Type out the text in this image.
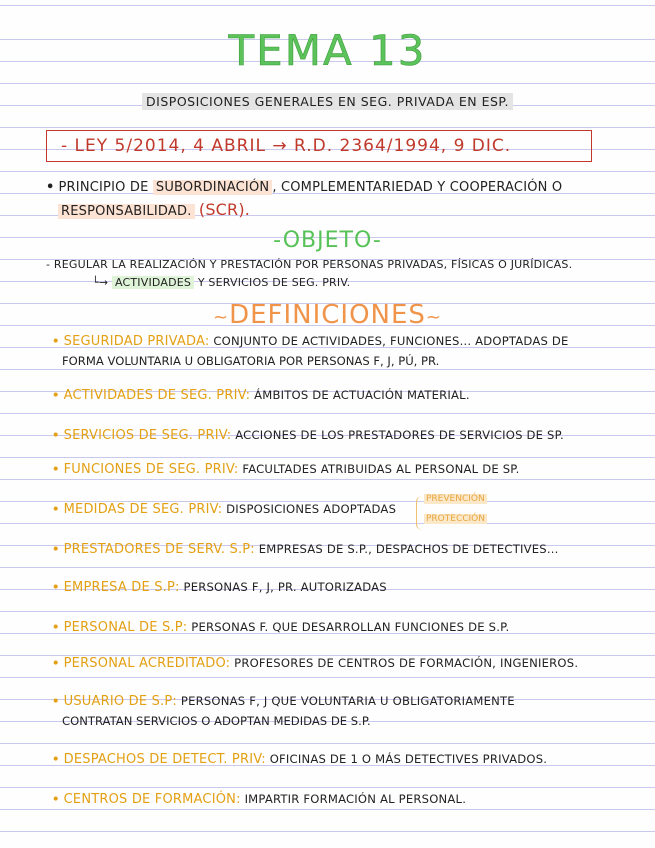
TEMA 13
DISPOSICIONES GENERALES EN SEG. PRIVADA EN ESP.
- LEY 5/2014, 4 ABRIL → R.D. 2364/1994, 9 DIC.
• PRINCIPIO DE SUBORDINACIÓN , COMPLEMENTARIEDAD Y COOPERACIÓN O
RESPONSABILIDAD. (SCR).
-OBJETO-
- REGULAR LA REALIZACIÓN Y PRESTACIÓN POR PERSONAS PRIVADAS, FÍSICAS O JURÍDICAS.
└→ ACTIVIDADES Y SERVICIOS DE SEG. PRIV.
~DEFINICIONES~
• SEGURIDAD PRIVADA: CONJUNTO DE ACTIVIDADES, FUNCIONES... ADOPTADAS DE
FORMA VOLUNTARIA U OBLIGATORIA POR PERSONAS F, J, PÚ, PR.
• ACTIVIDADES DE SEG. PRIV: ÁMBITOS DE ACTUACIÓN MATERIAL.
• SERVICIOS DE SEG. PRIV: ACCIONES DE LOS PRESTADORES DE SERVICIOS DE SP.
• FUNCIONES DE SEG. PRIV: FACULTADES ATRIBUIDAS AL PERSONAL DE SP.
• MEDIDAS DE SEG. PRIV: DISPOSICIONES ADOPTADAS
• PRESTADORES DE SERV. S.P: EMPRESAS DE S.P., DESPACHOS DE DETECTIVES...
• EMPRESA DE S.P: PERSONAS F, J, PR. AUTORIZADAS
• PERSONAL DE S.P: PERSONAS F. QUE DESARROLLAN FUNCIONES DE S.P.
• PERSONAL ACREDITADO: PROFESORES DE CENTROS DE FORMACIÓN, INGENIEROS.
• USUARIO DE S.P: PERSONAS F, J QUE VOLUNTARIA U OBLIGATORIAMENTE
CONTRATAN SERVICIOS O ADOPTAN MEDIDAS DE S.P.
• DESPACHOS DE DETECT. PRIV: OFICINAS DE 1 O MÁS DETECTIVES PRIVADOS.
• CENTROS DE FORMACIÓN: IMPARTIR FORMACIÓN AL PERSONAL.
PREVENCIÓN
PROTECCIÓN
